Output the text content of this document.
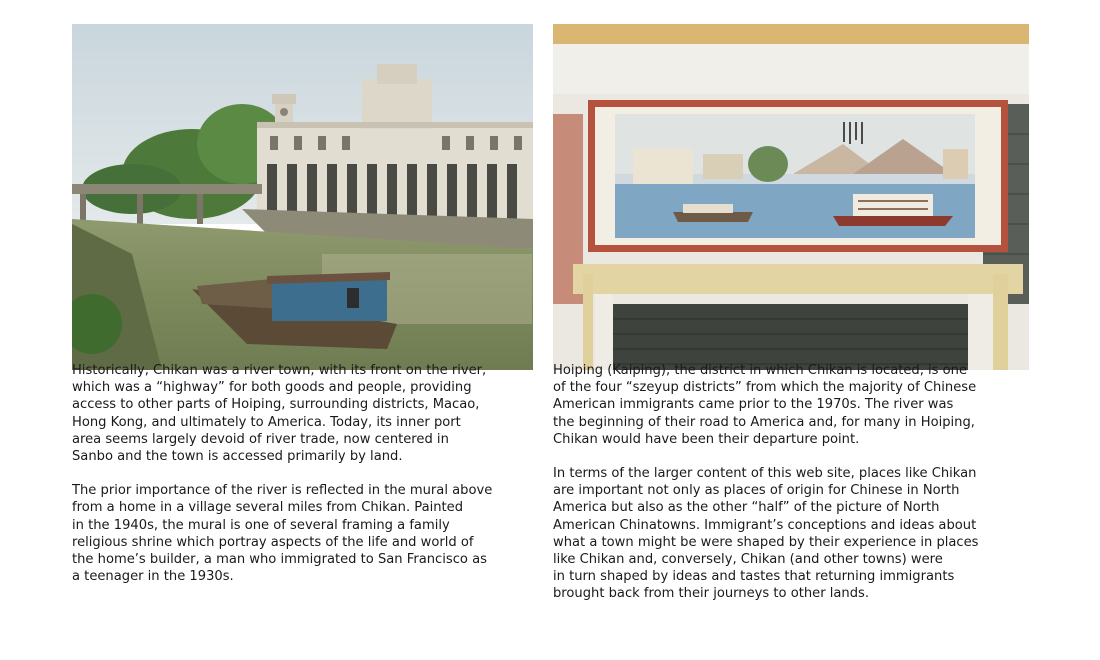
Historically, Chikan was a river town, with its front on the river,
which was a “highway” for both goods and people, providing
access to other parts of Hoiping, surrounding districts, Macao,
Hong Kong, and ultimately to America. Today, its inner port
area seems largely devoid of river trade, now centered in
Sanbo and the town is accessed primarily by land.

The prior importance of the river is reflected in the mural above
from a home in a village several miles from Chikan. Painted
in the 1940s, the mural is one of several framing a family
religious shrine which portray aspects of the life and world of
the home’s builder, a man who immigrated to San Francisco as
a teenager in the 1930s.

Hoiping (Kaiping), the district in which Chikan is located, is one
of the four “szeyup districts” from which the majority of Chinese
American immigrants came prior to the 1970s. The river was
the beginning of their road to America and, for many in Hoiping,
Chikan would have been their departure point.

In terms of the larger content of this web site, places like Chikan
are important not only as places of origin for Chinese in North
America but also as the other “half” of the picture of North
American Chinatowns. Immigrant’s conceptions and ideas about
what a town might be were shaped by their experience in places
like Chikan and, conversely, Chikan (and other towns) were
in turn shaped by ideas and tastes that returning immigrants
brought back from their journeys to other lands.
